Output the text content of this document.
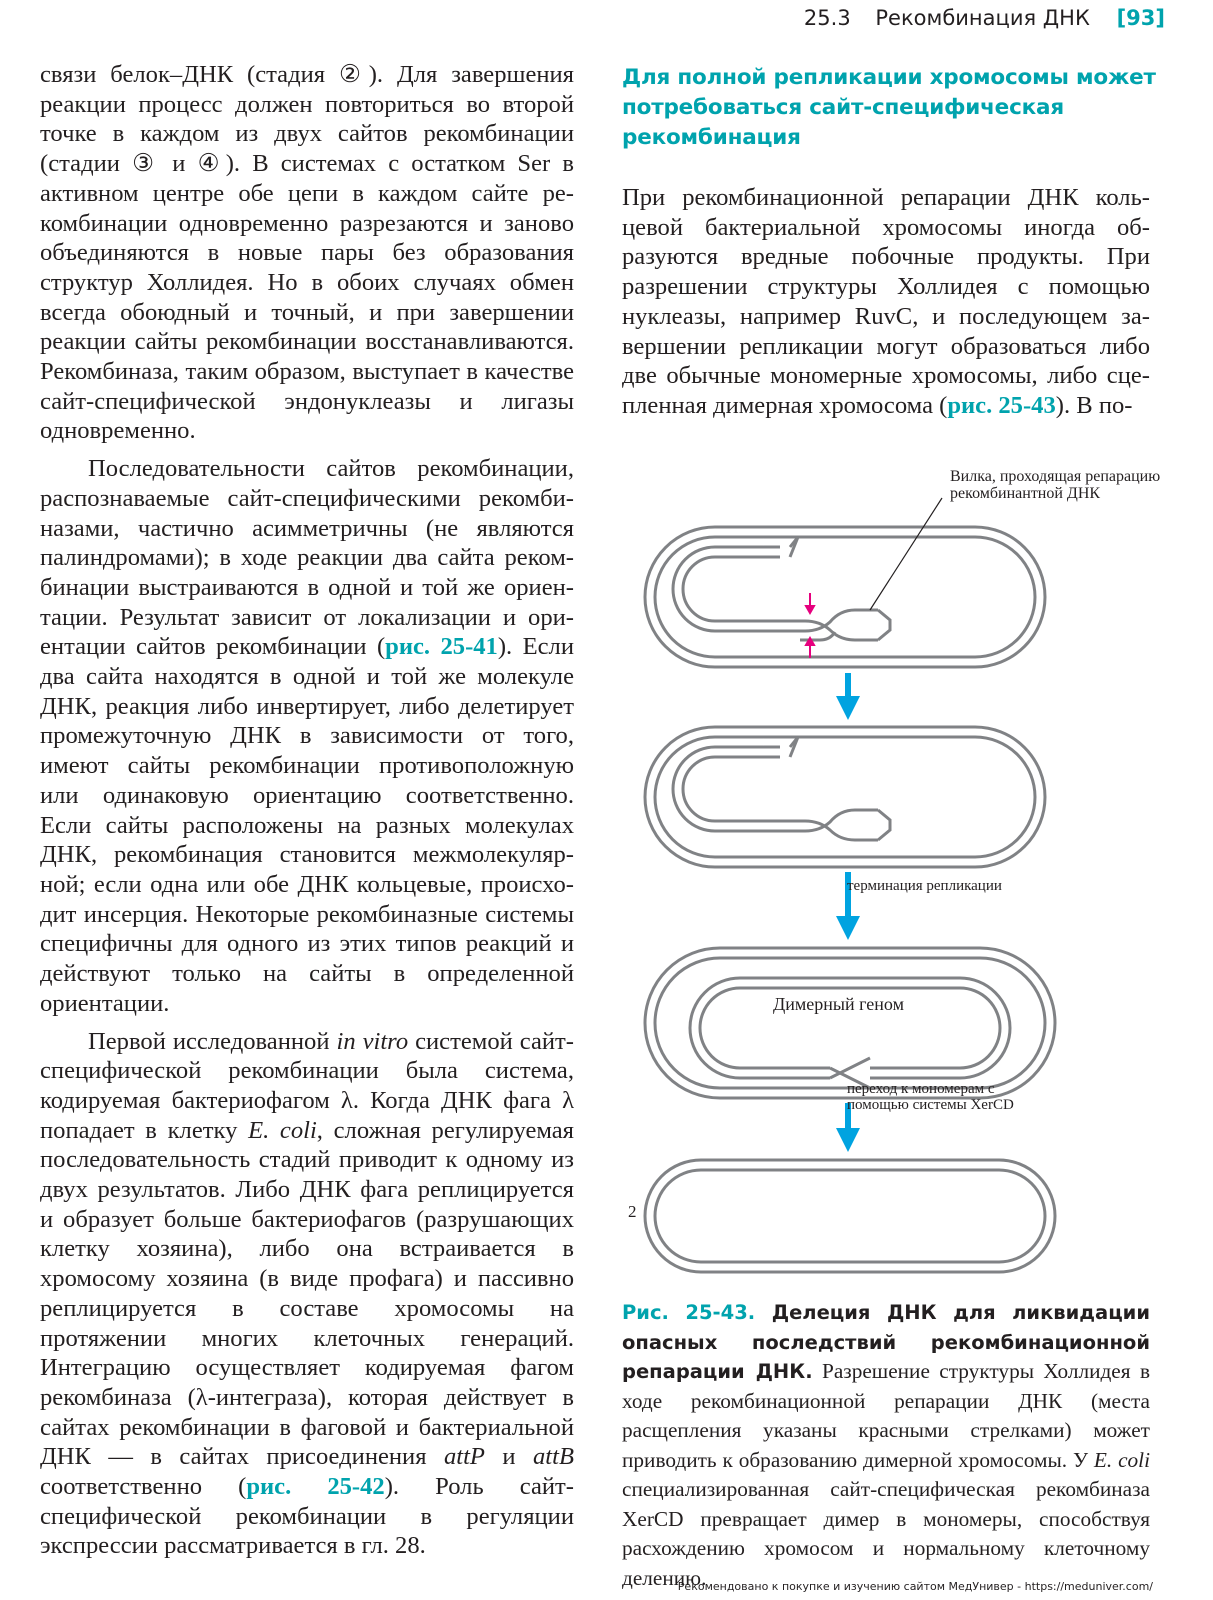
25.3 Рекомбинация ДНК [93]

связи белок–ДНК (стадия ②). Для завершения реакции процесс должен повториться во второй точке в каждом из двух сайтов рекомбинации (стадии ③ и ④). В системах с остатком Ser в активном центре обе цепи в каждом сайте рекомбинации одновременно разрезаются и заново объединяются в новые пары без образования структур Холлидея. Но в обоих случаях обмен всегда обоюдный и точный, и при завершении реакции сайты рекомбинации восстанавливаются. Рекомбиназа, таким образом, выступает в качестве сайт-специфической эндонуклеазы и лигазы одновременно.

Последовательности сайтов рекомбинации, распознаваемые сайт-специфическими рекомбиназами, частично асимметричны (не являются палиндромами); в ходе реакции два сайта рекомбинации выстраиваются в одной и той же ориентации. Результат зависит от локализации и ориентации сайтов рекомбинации (рис. 25-41). Если два сайта находятся в одной и той же молекуле ДНК, реакция либо инвертирует, либо делетирует промежуточную ДНК в зависимости от того, имеют сайты рекомбинации противоположную или одинаковую ориентацию соответственно. Если сайты расположены на разных молекулах ДНК, рекомбинация становится межмолекулярной; если одна или обе ДНК кольцевые, происходит инсерция. Некоторые рекомбиназные системы специфичны для одного из этих типов реакций и действуют только на сайты в определенной ориентации.

Первой исследованной in vitro системой сайт-специфической рекомбинации была система, кодируемая бактериофагом λ. Когда ДНК фага λ попадает в клетку E. coli, сложная регулируемая последовательность стадий приводит к одному из двух результатов. Либо ДНК фага реплицируется и образует больше бактериофагов (разрушающих клетку хозяина), либо она встраивается в хромосому хозяина (в виде профага) и пассивно реплицируется в составе хромосомы на протяжении многих клеточных генераций. Интеграцию осуществляет кодируемая фагом рекомбиназа (λ-интеграза), которая действует в сайтах рекомбинации в фаговой и бактериальной ДНК — в сайтах присоединения attP и attB соответственно (рис. 25-42). Роль сайт-специфической рекомбинации в регуляции экспрессии рассматривается в гл. 28.

Для полной репликации хромосомы может потребоваться сайт-специфическая рекомбинация

При рекомбинационной репарации ДНК кольцевой бактериальной хромосомы иногда образуются вредные побочные продукты. При разрешении структуры Холлидея с помощью нуклеазы, например RuvC, и последующем завершении репликации могут образоваться либо две обычные мономерные хромосомы, либо сцепленная димерная хромосома (рис. 25-43). В по-

Вилка, проходящая репарацию рекомбинантной ДНК
терминация репликации
Димерный геном
переход к мономерам с помощью системы XerCD
2
Рис. 25-43. Делеция ДНК для ликвидации опасных последствий рекомбинационной репарации ДНК. Разрешение структуры Холлидея в ходе рекомбинационной репарации ДНК (места расщепления указаны красными стрелками) может приводить к образованию димерной хромосомы. У E. coli специализированная сайт-специфическая рекомбиназа XerCD превращает димер в мономеры, способствуя расхождению хромосом и нормальному клеточному делению.
Рекомендовано к покупке и изучению сайтом МедУнивер - https://meduniver.com/
